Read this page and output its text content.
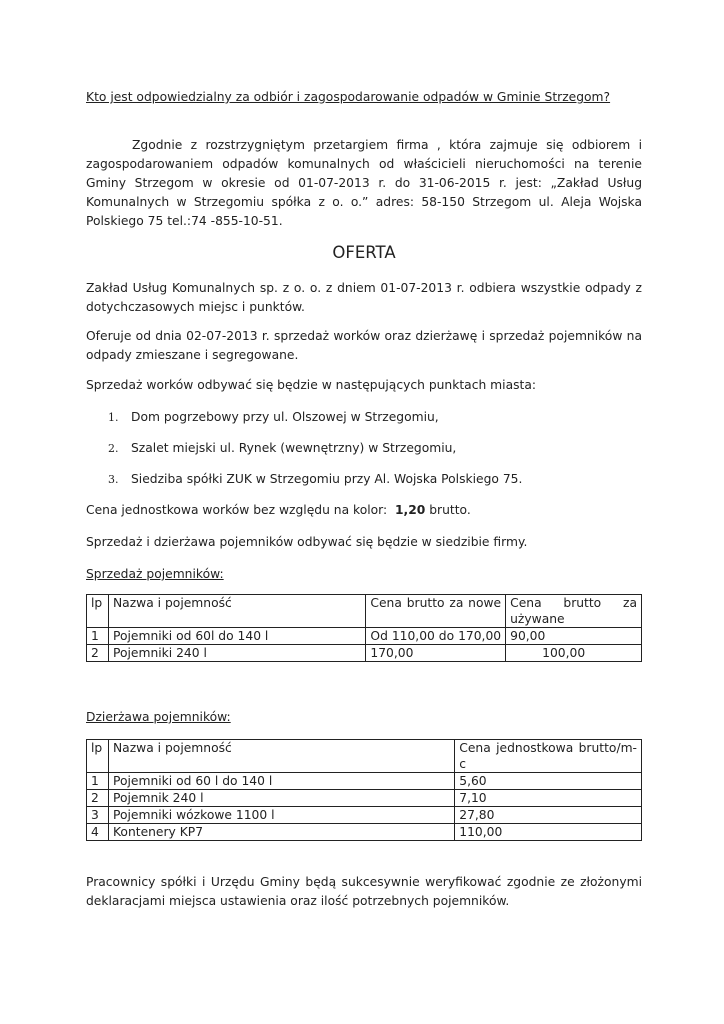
Kto jest odpowiedzialny za odbiór i zagospodarowanie odpadów w Gminie Strzegom?

Zgodnie z rozstrzygniętym przetargiem firma , która zajmuje się odbiorem i zagospodarowaniem odpadów komunalnych od właścicieli nieruchomości na terenie Gminy Strzegom w okresie od 01-07-2013 r. do 31-06-2015 r. jest: „Zakład Usług Komunalnych w Strzegomiu spółka z o. o.” adres: 58-150 Strzegom ul. Aleja Wojska Polskiego 75 tel.:74 -855-10-51.

OFERTA

Zakład Usług Komunalnych sp. z o. o. z dniem 01-07-2013 r. odbiera wszystkie odpady z dotychczasowych miejsc i punktów.

Oferuje od dnia 02-07-2013 r. sprzedaż worków oraz dzierżawę i sprzedaż pojemników na odpady zmieszane i segregowane.

Sprzedaż worków odbywać się będzie w następujących punktach miasta:

1. Dom pogrzebowy przy ul. Olszowej w Strzegomiu,
2. Szalet miejski ul. Rynek (wewnętrzny) w Strzegomiu,
3. Siedziba spółki ZUK w Strzegomiu przy Al. Wojska Polskiego 75.

Cena jednostkowa worków bez względu na kolor:  1,20 brutto.

Sprzedaż i dzierżawa pojemników odbywać się będzie w siedzibie firmy.

Sprzedaż pojemników:

lp	Nazwa i pojemność	Cena brutto za nowe	Cena brutto za używane
1	Pojemniki od 60l do 140 l	Od 110,00 do 170,00	90,00
2	Pojemniki 240 l	170,00	100,00

Dzierżawa pojemników:

lp	Nazwa i pojemność	Cena jednostkowa brutto/m-c
1	Pojemniki od 60 l do 140 l	5,60
2	Pojemnik 240 l	7,10
3	Pojemniki wózkowe 1100 l	27,80
4	Kontenery KP7	110,00

Pracownicy spółki i Urzędu Gminy będą sukcesywnie weryfikować zgodnie ze złożonymi deklaracjami miejsca ustawienia oraz ilość potrzebnych pojemników.
